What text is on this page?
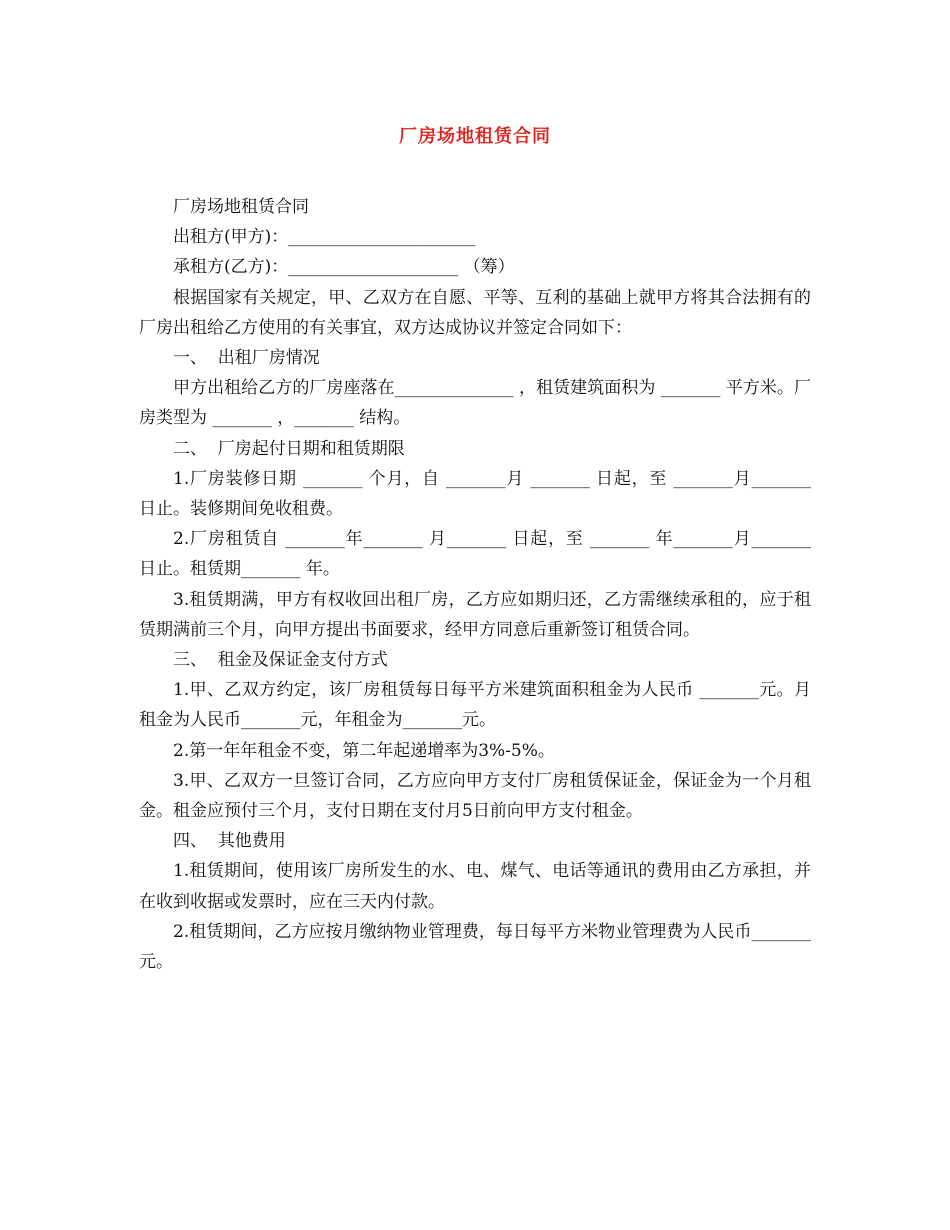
厂房场地租赁合同

厂房场地租赁合同

出租方(甲方)：______________________

承租方(乙方)：____________________ （筹）

根据国家有关规定，甲、乙双方在自愿、平等、互利的基础上就甲方将其合法拥有的厂房出租给乙方使用的有关事宜，双方达成协议并签定合同如下：

一、  出租厂房情况

甲方出租给乙方的厂房座落在______________ ，租赁建筑面积为 _______ 平方米。厂房类型为 _______ ，_______ 结构。

二、  厂房起付日期和租赁期限

1.厂房装修日期 _______ 个月，自 _______月 _______ 日起，至 _______月_______ 日止。装修期间免收租费。

2.厂房租赁自 _______年_______ 月_______ 日起，至 _______ 年_______月_______ 日止。租赁期_______ 年。

3.租赁期满，甲方有权收回出租厂房，乙方应如期归还，乙方需继续承租的，应于租赁期满前三个月，向甲方提出书面要求，经甲方同意后重新签订租赁合同。

三、  租金及保证金支付方式

1.甲、乙双方约定，该厂房租赁每日每平方米建筑面积租金为人民币 _______元。月租金为人民币_______元，年租金为_______元。

2.第一年年租金不变，第二年起递增率为3%-5%。

3.甲、乙双方一旦签订合同，乙方应向甲方支付厂房租赁保证金，保证金为一个月租金。租金应预付三个月，支付日期在支付月5日前向甲方支付租金。

四、  其他费用

1.租赁期间，使用该厂房所发生的水、电、煤气、电话等通讯的费用由乙方承担，并在收到收据或发票时，应在三天内付款。

2.租赁期间，乙方应按月缴纳物业管理费，每日每平方米物业管理费为人民币_______ 元。
